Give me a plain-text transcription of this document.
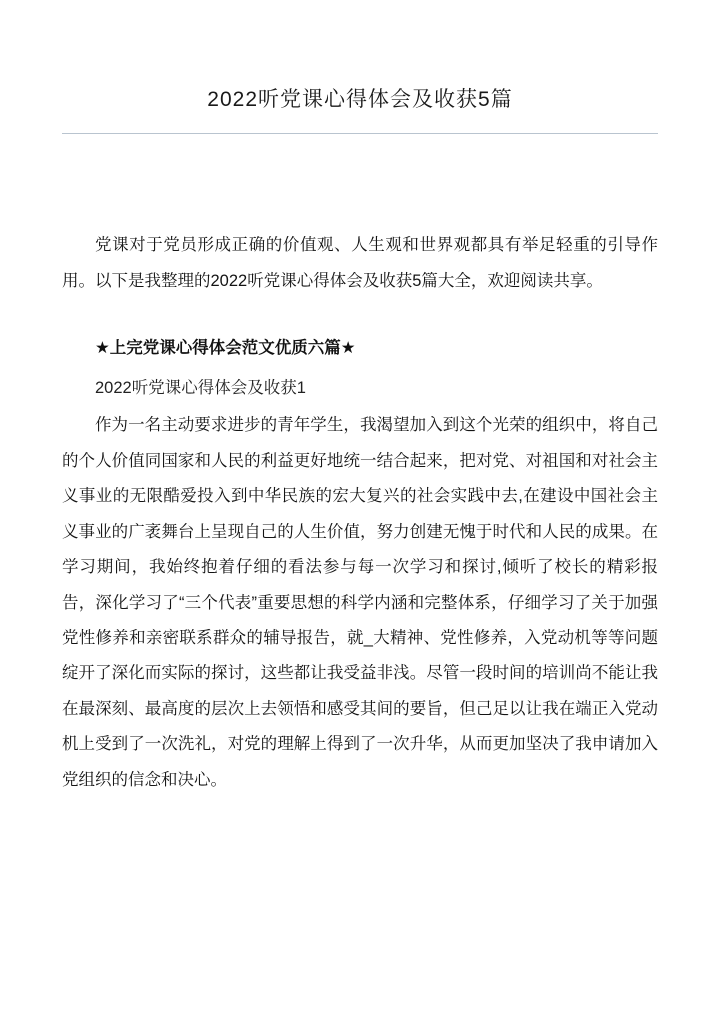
2022听党课心得体会及收获5篇

党课对于党员形成正确的价值观、人生观和世界观都具有举足轻重的引导作用。以下是我整理的2022听党课心得体会及收获5篇大全，欢迎阅读共享。

★上完党课心得体会范文优质六篇★

2022听党课心得体会及收获1

作为一名主动要求进步的青年学生，我渴望加入到这个光荣的组织中，将自己的个人价值同国家和人民的利益更好地统一结合起来，把对党、对祖国和对社会主义事业的无限酷爱投入到中华民族的宏大复兴的社会实践中去,在建设中国社会主义事业的广袤舞台上呈现自己的人生价值，努力创建无愧于时代和人民的成果。在学习期间，我始终抱着仔细的看法参与每一次学习和探讨,倾听了校长的精彩报告，深化学习了“三个代表”重要思想的科学内涵和完整体系，仔细学习了关于加强党性修养和亲密联系群众的辅导报告，就_大精神、党性修养，入党动机等等问题绽开了深化而实际的探讨，这些都让我受益非浅。尽管一段时间的培训尚不能让我在最深刻、最高度的层次上去领悟和感受其间的要旨，但己足以让我在端正入党动机上受到了一次洗礼，对党的理解上得到了一次升华，从而更加坚决了我申请加入党组织的信念和决心。
